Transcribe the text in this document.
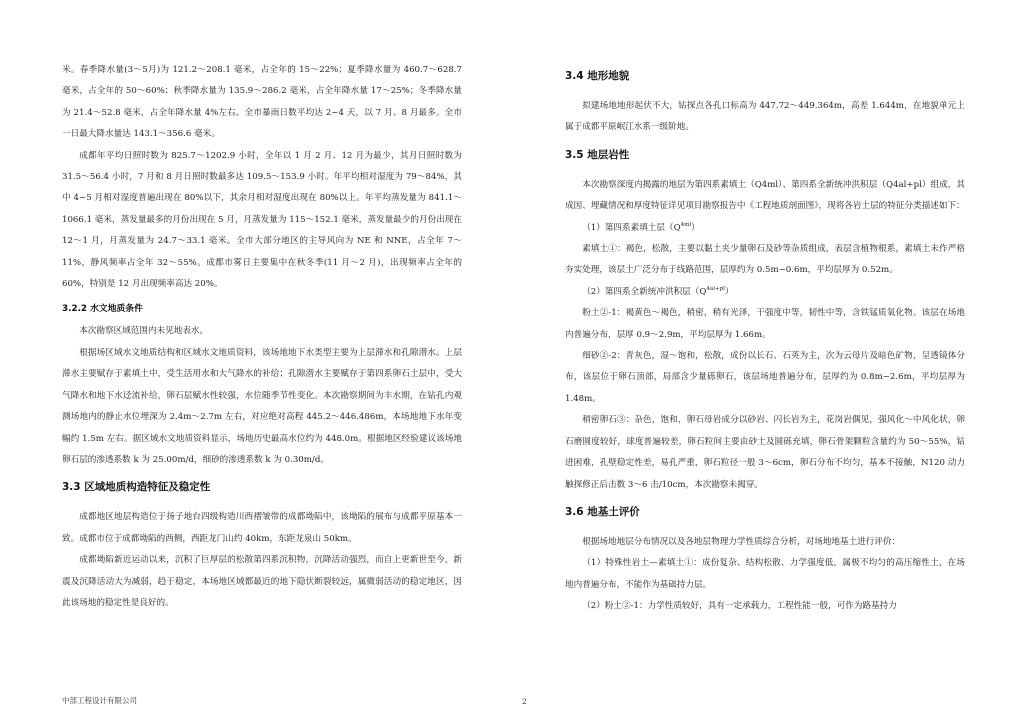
米。春季降水量(3～5月)为 121.2～208.1 毫米，占全年的 15～22%；夏季降水量为 460.7～628.7 毫米，占全年的 50～60%；秋季降水量为 135.9～286.2 毫米，占全年降水量 17～25%；冬季降水量为 21.4～52.8 毫米，占全年降水量 4%左右。全市暴雨日数平均达 2~4 天，以 7 月、8 月最多。全市一日最大降水量达 143.1～356.6 毫米。

成都年平均日照时数为 825.7～1202.9 小时，全年以 1 月 2 月、12 月为最少，其月日照时数为 31.5～56.4 小时，7 月和 8 月日照时数最多达 109.5～153.9 小时。年平均相对湿度为 79～84%，其中 4~5 月相对湿度普遍出现在 80%以下，其余月相对湿度出现在 80%以上。年平均蒸发量为 841.1～1066.1 毫米，蒸发量最多的月份出现在 5 月，月蒸发量为 115～152.1 毫米，蒸发量最少的月份出现在 12～1 月，月蒸发量为 24.7～33.1 毫米。全市大部分地区的主导风向为 NE 和 NNE，占全年 7～11%，静风频率占全年 32～55%。成都市雾日主要集中在秋冬季(11 月～2 月)，出现频率占全年的 60%，特别是 12 月出现频率高达 20%。

3.2.2 水文地质条件

本次勘察区域范围内未见地表水。

根据场区域水文地质结构和区域水文地质资料，该场地地下水类型主要为上层滞水和孔隙潜水。上层滞水主要赋存于素填土中，受生活用水和大气降水的补给；孔隙潜水主要赋存于第四系卵石土层中，受大气降水和地下水迳流补给，卵石层赋水性较强，水位随季节性变化。本次勘察期间为丰水期，在钻孔内观测场地内的静止水位埋深为 2.4m～2.7m 左右，对应绝对高程 445.2～446.486m，本场地地下水年变幅约 1.5m 左右。据区域水文地质资料显示，场地历史最高水位约为 448.0m。根据地区经验建议该场地卵石层的渗透系数 k 为 25.00m/d，细砂的渗透系数 k 为 0.30m/d。

3.3 区域地质构造特征及稳定性

成都地区地层构造位于扬子地台四级构造川西褶皱带的成都坳陷中，该坳陷的展布与成都平原基本一致。成都市位于成都坳陷的西侧，西距龙门山约 40km，东距龙泉山 50km。

成都坳陷新近运动以来，沉积了巨厚层的松散第四系沉积物，沉降活动强烈，而自上更新世至今，新震及沉降活动大为减弱，趋于稳定，本场地区域都最近的地下隐伏断裂较远，属微弱活动的稳定地区，因此该场地的稳定性是良好的。

3.4 地形地貌

拟建场地地形起伏不大，钻探点各孔口标高为 447.72～449.364m，高差 1.644m，在地貌单元上属于成都平原岷江水系一级阶地。

3.5 地层岩性

本次勘察深度内揭露的地层为第四系素填土（Q4ml）、第四系全新统冲洪积层（Q4al+pl）组成，其成因、埋藏情况和厚度特征详见项目勘察报告中《工程地质剖面图》，现将各岩土层的特征分类描述如下：

（1）第四系素填土层$(Q^{4ml})$

素填土①：褐色，松散，主要以黏土夹少量卵石及砂等杂质组成，表层含植物根系，素填土未作严格夯实处理，该层土广泛分布于线路范围，层厚约为 0.5m~0.6m，平均层厚为 0.52m。

（2）第四系全新统冲洪积层$(Q^{4al+pl})$

粉土②-1：褐黄色～褐色，稍密，稍有光泽，干强度中等，韧性中等，含铁锰质氧化物。该层在场地内普遍分布，层厚 0.9～2.9m，平均层厚为 1.66m。

细砂②-2：青灰色，湿～饱和，松散，成份以长石、石英为主，次为云母片及暗色矿物，呈透镜体分布，该层位于卵石顶部，局部含少量砾卵石，该层场地普遍分布，层厚约为 0.8m~2.6m，平均层厚为 1.48m。

稍密卵石③：杂色，饱和，卵石母岩成分以砂岩、闪长岩为主，花岗岩偶见，强风化～中风化状，卵石磨圆度较好，球度普遍较差，卵石粒间主要由砂土及圆砾充填，卵石骨架颗粒含量约为 50～55%，钻进困难，孔壁稳定性差，易孔严重，卵石粒径一般 3～6cm，卵石分布不均匀，基本不接触，N120 动力触探修正后击数 3～6 击/10cm，本次勘察未揭穿。

3.6 地基土评价

根据场地地层分布情况以及各地层物理力学性质综合分析，对场地地基土进行评价：

（1）特殊性岩土—素填土①：成份复杂、结构松散、力学强度低，属极不均匀的高压缩性土，在场地内普遍分布，不能作为基础持力层。

（2）粉土②-1：力学性质较好，具有一定承载力，工程性能一般，可作为路基持力

中部工程设计有限公司	2
